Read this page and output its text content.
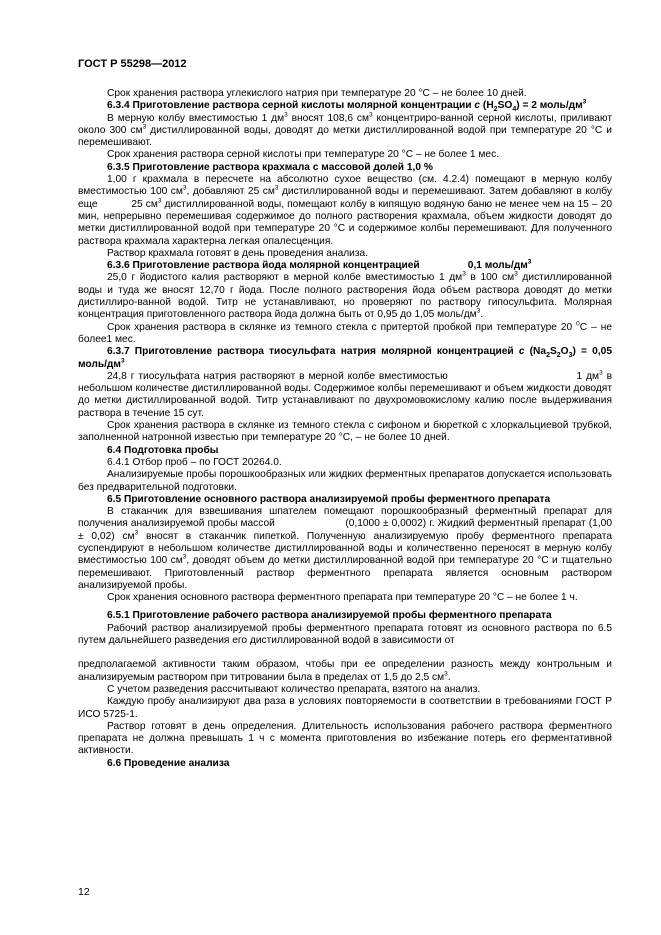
ГОСТ Р 55298—2012

Срок хранения раствора углекислого натрия при температуре 20 °С – не более 10 дней.

6.3.4 Приготовление раствора серной кислоты молярной концентрации с $(H_2SO_4) = 2$ моль/$дм^3$

В мерную колбу вместимостью 1 $дм^3$ вносят 108,6 $см^3$ концентриро-ванной серной кислоты, приливают около 300 $см^3$ дистиллированной воды, доводят до метки дистиллированной водой при температуре 20 °С и перемешивают.

Срок хранения раствора серной кислоты при температуре 20 °С – не более 1 мес.

6.3.5 Приготовление раствора крахмала с массовой долей 1,0 %

1,00 г крахмала в пересчете на абсолютно сухое вещество (см. 4.2.4) помещают в мерную колбу вместимостью 100 $см^3$, добавляют 25 $см^3$ дистиллированной воды и перемешивают. Затем добавляют в колбу еще	25 $см^3$ дистиллированной воды, помещают колбу в кипящую водяную баню не менее чем на 15 – 20 мин, непрерывно перемешивая содержимое до полного растворения крахмала, объем жидкости доводят до метки дистиллированной водой при температуре 20 °С и содержимое колбы перемешивают. Для полученного раствора крахмала характерна легкая опалесценция.

Раствор крахмала готовят в день проведения анализа.

6.3.6 Приготовление раствора йода молярной концентрацией	0,1 моль/$дм^3$

25,0 г йодистого калия растворяют в мерной колбе вместимостью 1 $дм^3$ в 100 $см^3$ дистиллированной воды и туда же вносят 12,70 г йода. После полного растворения йода объем раствора доводят до метки дистиллиро-ванной водой. Титр не устанавливают, но проверяют по раствору гипосульфита. Молярная концентрация приготовленного раствора йода должна быть от 0,95 до 1,05 моль/$дм^3$.

Срок хранения раствора в склянке из темного стекла с притертой пробкой при температуре 20 $^0$С – не более1 мес.

6.3.7 Приготовление раствора тиосульфата натрия молярной концентрацией с $(Na_2S_2O_3) = 0,05$ моль/$дм^3$

24,8 г тиосульфата натрия растворяют в мерной колбе вместимостью	1 $дм^3$ в небольшом количестве дистиллированной воды. Содержимое колбы перемешивают и объем жидкости доводят до метки дистиллированной водой. Титр устанавливают по двухромовокислому калию после выдерживания раствора в течение 15 сут.

Срок хранения раствора в склянке из темного стекла с сифоном и бюреткой с хлоркальциевой трубкой, заполненной натронной известью при температуре 20 °С, – не более 10 дней.

6.4 Подготовка пробы

6.4.1 Отбор проб – по ГОСТ 20264.0.

Анализируемые пробы порошкообразных или жидких ферментных препаратов допускается использовать без предварительной подготовки.

6.5 Приготовление основного раствора анализируемой пробы ферментного препарата

В стаканчик для взвешивания шпателем помещают порошкообразный ферментный препарат для получения анализируемой пробы массой	(0,1000 ± 0,0002) г. Жидкий ферментный препарат (1,00 ± 0,02) $см^3$ вносят в стаканчик пипеткой. Полученную анализируемую пробу ферментного препарата суспендируют в небольшом количестве дистиллированной воды и количественно переносят в мерную колбу вместимостью 100 $см^3$, доводят объем до метки дистиллированной водой при температуре 20 °С и тщательно перемешивают. Приготовленный раствор ферментного препарата является основным раствором анализируемой пробы.

Срок хранения основного раствора ферментного препарата при температуре 20 °С – не более 1 ч.

6.5.1 Приготовление рабочего раствора анализируемой пробы ферментного препарата

Рабочий раствор анализируемой пробы ферментного препарата готовят из основного раствора по 6.5 путем дальнейшего разведения его дистиллированной водой в зависимости от

предполагаемой активности таким образом, чтобы при ее определении разность между контрольным и анализируемым раствором при титровании была в пределах от 1,5 до 2,5 $см^3$.

С учетом разведения рассчитывают количество препарата, взятого на анализ.

Каждую пробу анализируют два раза в условиях повторяемости в соответствии в требованиями ГОСТ Р ИСО 5725-1.

Раствор готовят в день определения. Длительность использования рабочего раствора ферментного препарата не должна превышать 1 ч с момента приготовления во избежание потерь его ферментативной активности.

6.6 Проведение анализа

12
